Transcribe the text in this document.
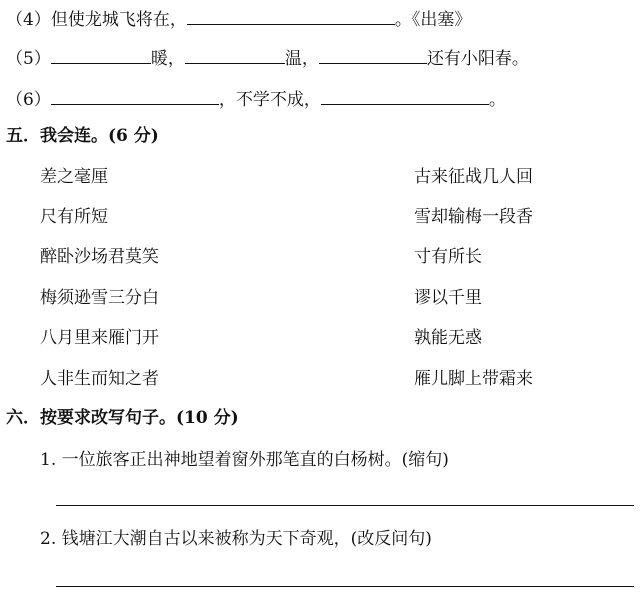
（4）但使龙城飞将在，	。《出塞》
（5）	暖，	温，	还有小阳春。
（6）	，不学不成，	。
五．我会连。(6 分)
差之毫厘
尺有所短
醉卧沙场君莫笑
梅须逊雪三分白
八月里来雁门开
人非生而知之者
古来征战几人回
雪却输梅一段香
寸有所长
谬以千里
孰能无惑
雁儿脚上带霜来
六．按要求改写句子。(10 分)
1. 一位旅客正出神地望着窗外那笔直的白杨树。(缩句)
2. 钱塘江大潮自古以来被称为天下奇观，(改反问句)
